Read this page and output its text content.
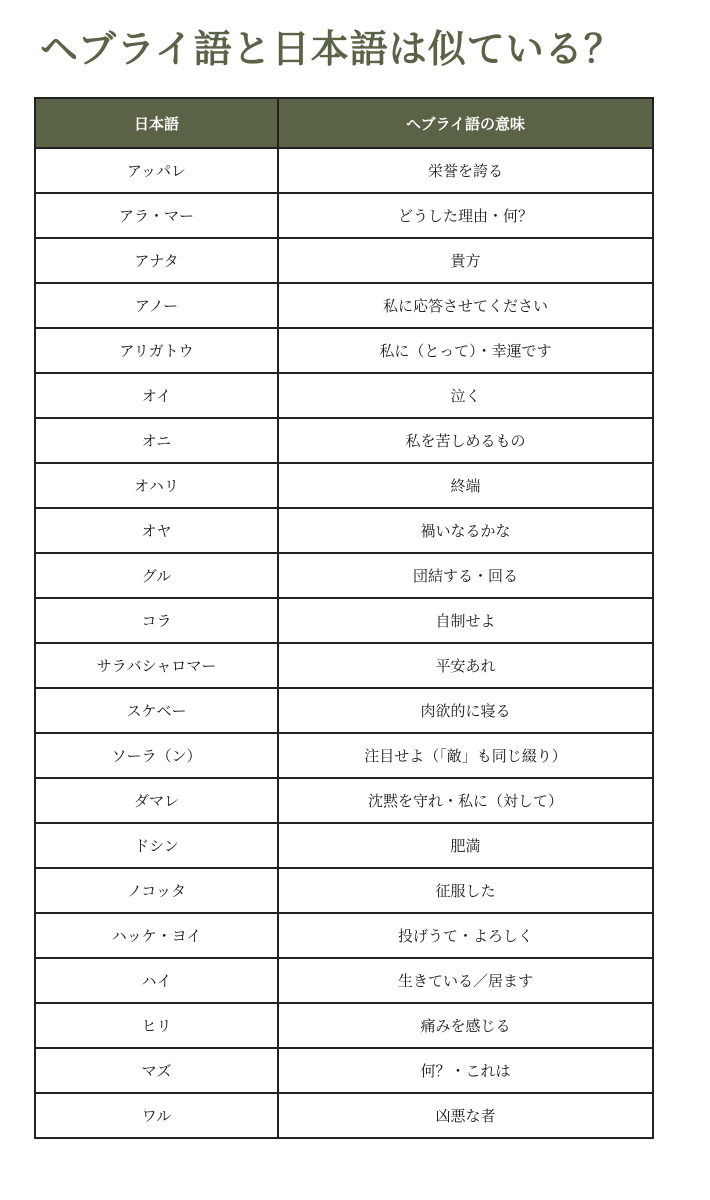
ヘブライ語と日本語は似ている？
日本語	ヘブライ語の意味
アッパレ	栄誉を誇る
アラ・マー	どうした理由・何？
アナタ	貴方
アノー	私に応答させてください
アリガトウ	私に（とって）・幸運です
オイ	泣く
オニ	私を苦しめるもの
オハリ	終端
オヤ	禍いなるかな
グル	団結する・回る
コラ	自制せよ
サラバシャロマー	平安あれ
スケベー	肉欲的に寝る
ソーラ（ン）	注目せよ（「敵」も同じ綴り）
ダマレ	沈黙を守れ・私に（対して）
ドシン	肥満
ノコッタ	征服した
ハッケ・ヨイ	投げうて・よろしく
ハイ	生きている／居ます
ヒリ	痛みを感じる
マズ	何？・これは
ワル	凶悪な者
